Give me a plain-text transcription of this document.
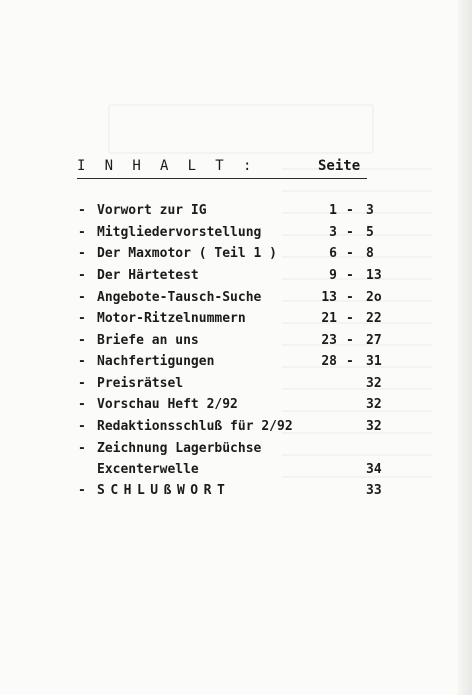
I N H A L T :	Seite
- Vorwort zur IG	1 - 3
- Mitgliedervorstellung	3 - 5
- Der Maxmotor ( Teil 1 )	6 - 8
- Der Härtetest	9 - 13
- Angebote-Tausch-Suche	13 - 2o
- Motor-Ritzelnummern	21 - 22
- Briefe an uns	23 - 27
- Nachfertigungen	28 - 31
- Preisrätsel	32
- Vorschau Heft 2/92	32
- Redaktionsschluß für 2/92	32
- Zeichnung Lagerbüchse
Excenterwelle	34
- SCHLUßWORT	33
